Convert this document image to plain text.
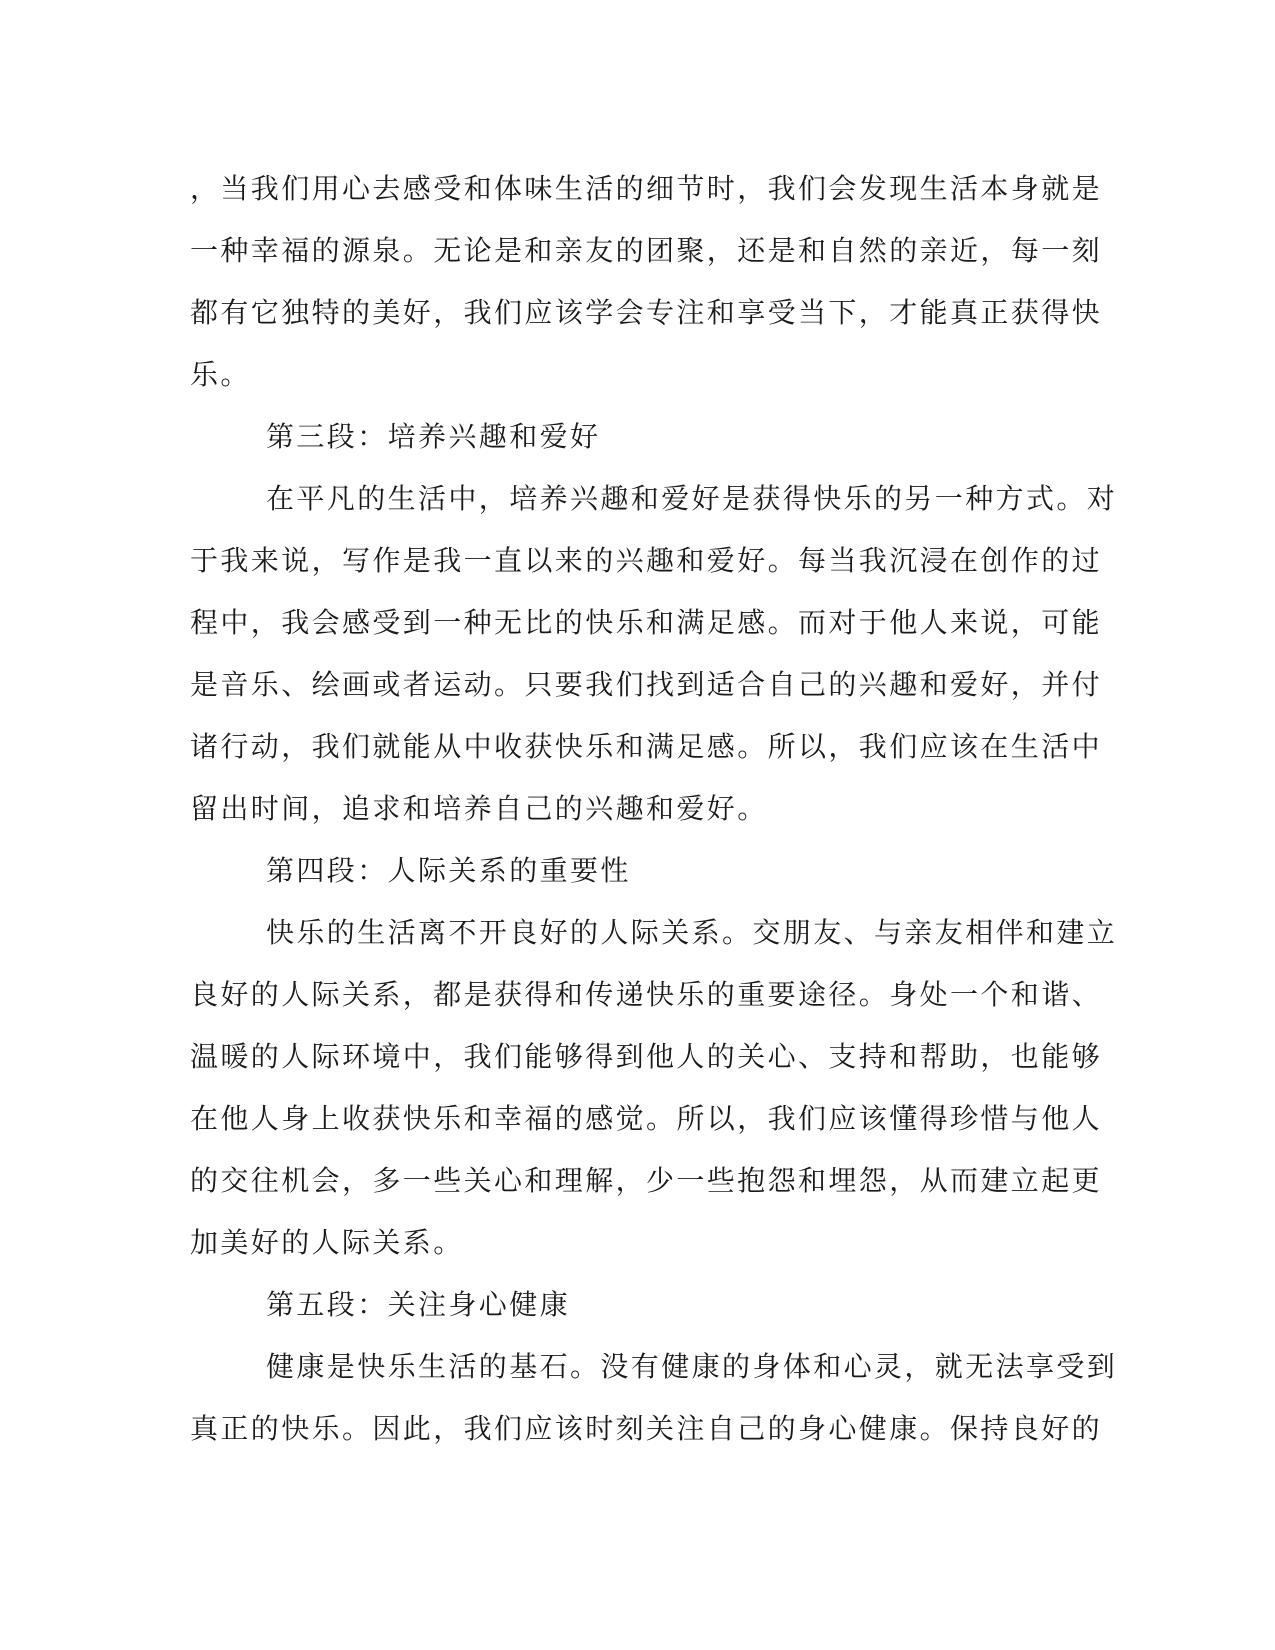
，当我们用心去感受和体味生活的细节时，我们会发现生活本身就是
一种幸福的源泉。无论是和亲友的团聚，还是和自然的亲近，每一刻
都有它独特的美好，我们应该学会专注和享受当下，才能真正获得快
乐。
第三段：培养兴趣和爱好
在平凡的生活中，培养兴趣和爱好是获得快乐的另一种方式。对
于我来说，写作是我一直以来的兴趣和爱好。每当我沉浸在创作的过
程中，我会感受到一种无比的快乐和满足感。而对于他人来说，可能
是音乐、绘画或者运动。只要我们找到适合自己的兴趣和爱好，并付
诸行动，我们就能从中收获快乐和满足感。所以，我们应该在生活中
留出时间，追求和培养自己的兴趣和爱好。
第四段：人际关系的重要性
快乐的生活离不开良好的人际关系。交朋友、与亲友相伴和建立
良好的人际关系，都是获得和传递快乐的重要途径。身处一个和谐、
温暖的人际环境中，我们能够得到他人的关心、支持和帮助，也能够
在他人身上收获快乐和幸福的感觉。所以，我们应该懂得珍惜与他人
的交往机会，多一些关心和理解，少一些抱怨和埋怨，从而建立起更
加美好的人际关系。
第五段：关注身心健康
健康是快乐生活的基石。没有健康的身体和心灵，就无法享受到
真正的快乐。因此，我们应该时刻关注自己的身心健康。保持良好的
